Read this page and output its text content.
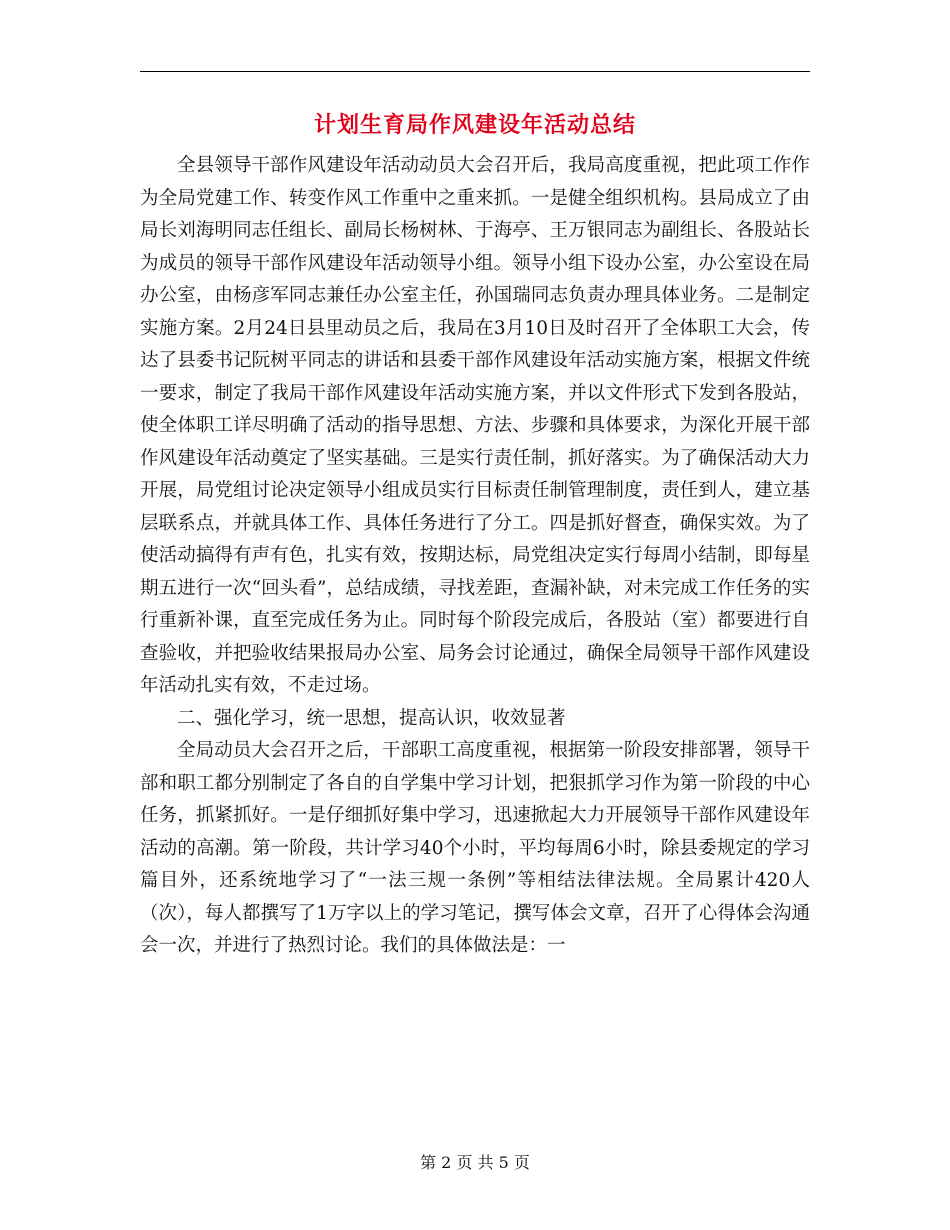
计划生育局作风建设年活动总结

全县领导干部作风建设年活动动员大会召开后，我局高度重视，把此项工作作为全局党建工作、转变作风工作重中之重来抓。一是健全组织机构。县局成立了由局长刘海明同志任组长、副局长杨树林、于海亭、王万银同志为副组长、各股站长为成员的领导干部作风建设年活动领导小组。领导小组下设办公室，办公室设在局办公室，由杨彦军同志兼任办公室主任，孙国瑞同志负责办理具体业务。二是制定实施方案。2月24日县里动员之后，我局在3月10日及时召开了全体职工大会，传达了县委书记阮树平同志的讲话和县委干部作风建设年活动实施方案，根据文件统一要求，制定了我局干部作风建设年活动实施方案，并以文件形式下发到各股站，使全体职工详尽明确了活动的指导思想、方法、步骤和具体要求，为深化开展干部作风建设年活动奠定了坚实基础。三是实行责任制，抓好落实。为了确保活动大力开展，局党组讨论决定领导小组成员实行目标责任制管理制度，责任到人，建立基层联系点，并就具体工作、具体任务进行了分工。四是抓好督查，确保实效。为了使活动搞得有声有色，扎实有效，按期达标，局党组决定实行每周小结制，即每星期五进行一次“回头看”，总结成绩，寻找差距，查漏补缺，对未完成工作任务的实行重新补课，直至完成任务为止。同时每个阶段完成后，各股站（室）都要进行自查验收，并把验收结果报局办公室、局务会讨论通过，确保全局领导干部作风建设年活动扎实有效，不走过场。

二、强化学习，统一思想，提高认识，收效显著

全局动员大会召开之后，干部职工高度重视，根据第一阶段安排部署，领导干部和职工都分别制定了各自的自学集中学习计划，把狠抓学习作为第一阶段的中心任务，抓紧抓好。一是仔细抓好集中学习，迅速掀起大力开展领导干部作风建设年活动的高潮。第一阶段，共计学习40个小时，平均每周6小时，除县委规定的学习篇目外，还系统地学习了“一法三规一条例”等相结法律法规。全局累计420人（次），每人都撰写了1万字以上的学习笔记，撰写体会文章，召开了心得体会沟通会一次，并进行了热烈讨论。我们的具体做法是：一

第 2 页 共 5 页
